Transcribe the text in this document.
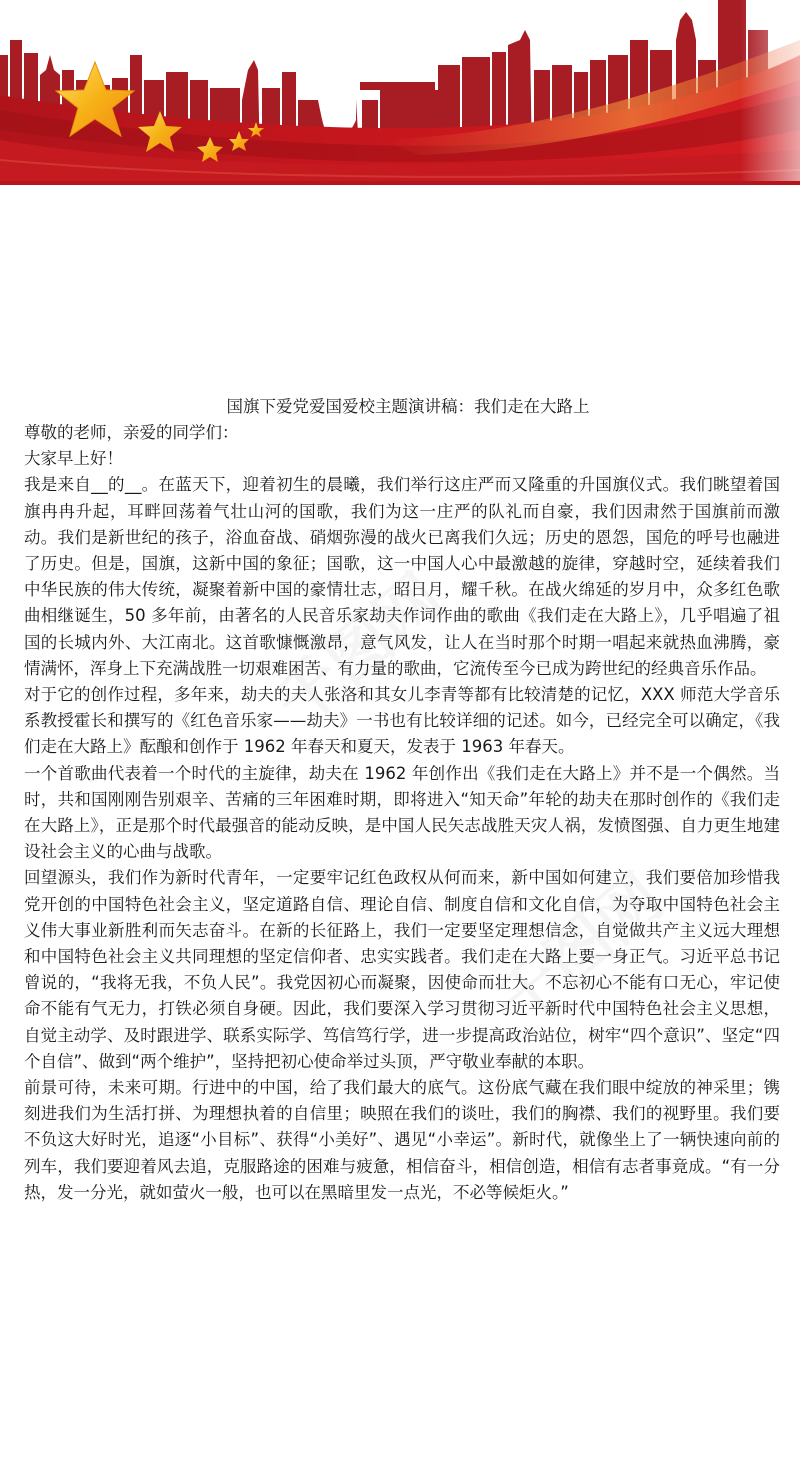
千图网
千图网
国旗下爱党爱国爱校主题演讲稿：我们走在大路上

尊敬的老师，亲爱的同学们：

大家早上好！

我是来自__的__。在蓝天下，迎着初生的晨曦，我们举行这庄严而又隆重的升国旗仪式。我们眺望着国旗冉冉升起，耳畔回荡着气壮山河的国歌，我们为这一庄严的队礼而自豪，我们因肃然于国旗前而激动。我们是新世纪的孩子，浴血奋战、硝烟弥漫的战火已离我们久远；历史的恩怨，国危的呼号也融进了历史。但是，国旗，这新中国的象征；国歌，这一中国人心中最激越的旋律，穿越时空，延续着我们中华民族的伟大传统，凝聚着新中国的豪情壮志，昭日月，耀千秋。在战火绵延的岁月中，众多红色歌曲相继诞生，50 多年前，由著名的人民音乐家劫夫作词作曲的歌曲《我们走在大路上》，几乎唱遍了祖国的长城内外、大江南北。这首歌慷慨激昂，意气风发，让人在当时那个时期一唱起来就热血沸腾，豪情满怀，浑身上下充满战胜一切艰难困苦、有力量的歌曲，它流传至今已成为跨世纪的经典音乐作品。

对于它的创作过程，多年来，劫夫的夫人张洛和其女儿李青等都有比较清楚的记忆，XXX 师范大学音乐系教授霍长和撰写的《红色音乐家——劫夫》一书也有比较详细的记述。如今，已经完全可以确定，《我们走在大路上》酝酿和创作于 1962 年春天和夏天，发表于 1963 年春天。

一个首歌曲代表着一个时代的主旋律，劫夫在 1962 年创作出《我们走在大路上》并不是一个偶然。当时，共和国刚刚告别艰辛、苦痛的三年困难时期，即将进入“知天命”年轮的劫夫在那时创作的《我们走在大路上》，正是那个时代最强音的能动反映，是中国人民矢志战胜天灾人祸，发愤图强、自力更生地建设社会主义的心曲与战歌。

回望源头，我们作为新时代青年，一定要牢记红色政权从何而来，新中国如何建立，我们要倍加珍惜我党开创的中国特色社会主义，坚定道路自信、理论自信、制度自信和文化自信，为夺取中国特色社会主义伟大事业新胜利而矢志奋斗。在新的长征路上，我们一定要坚定理想信念，自觉做共产主义远大理想和中国特色社会主义共同理想的坚定信仰者、忠实实践者。我们走在大路上要一身正气。习近平总书记曾说的，“我将无我，不负人民”。我党因初心而凝聚，因使命而壮大。不忘初心不能有口无心，牢记使命不能有气无力，打铁必须自身硬。因此，我们要深入学习贯彻习近平新时代中国特色社会主义思想，自觉主动学、及时跟进学、联系实际学、笃信笃行学，进一步提高政治站位，树牢“四个意识”、坚定“四个自信”、做到“两个维护”，坚持把初心使命举过头顶，严守敬业奉献的本职。

前景可待，未来可期。行进中的中国，给了我们最大的底气。这份底气藏在我们眼中绽放的神采里；镌刻进我们为生活打拼、为理想执着的自信里；映照在我们的谈吐，我们的胸襟、我们的视野里。我们要不负这大好时光，追逐“小目标”、获得“小美好”、遇见“小幸运”。新时代，就像坐上了一辆快速向前的列车，我们要迎着风去追，克服路途的困难与疲惫，相信奋斗，相信创造，相信有志者事竟成。“有一分热，发一分光，就如萤火一般，也可以在黑暗里发一点光，不必等候炬火。”
